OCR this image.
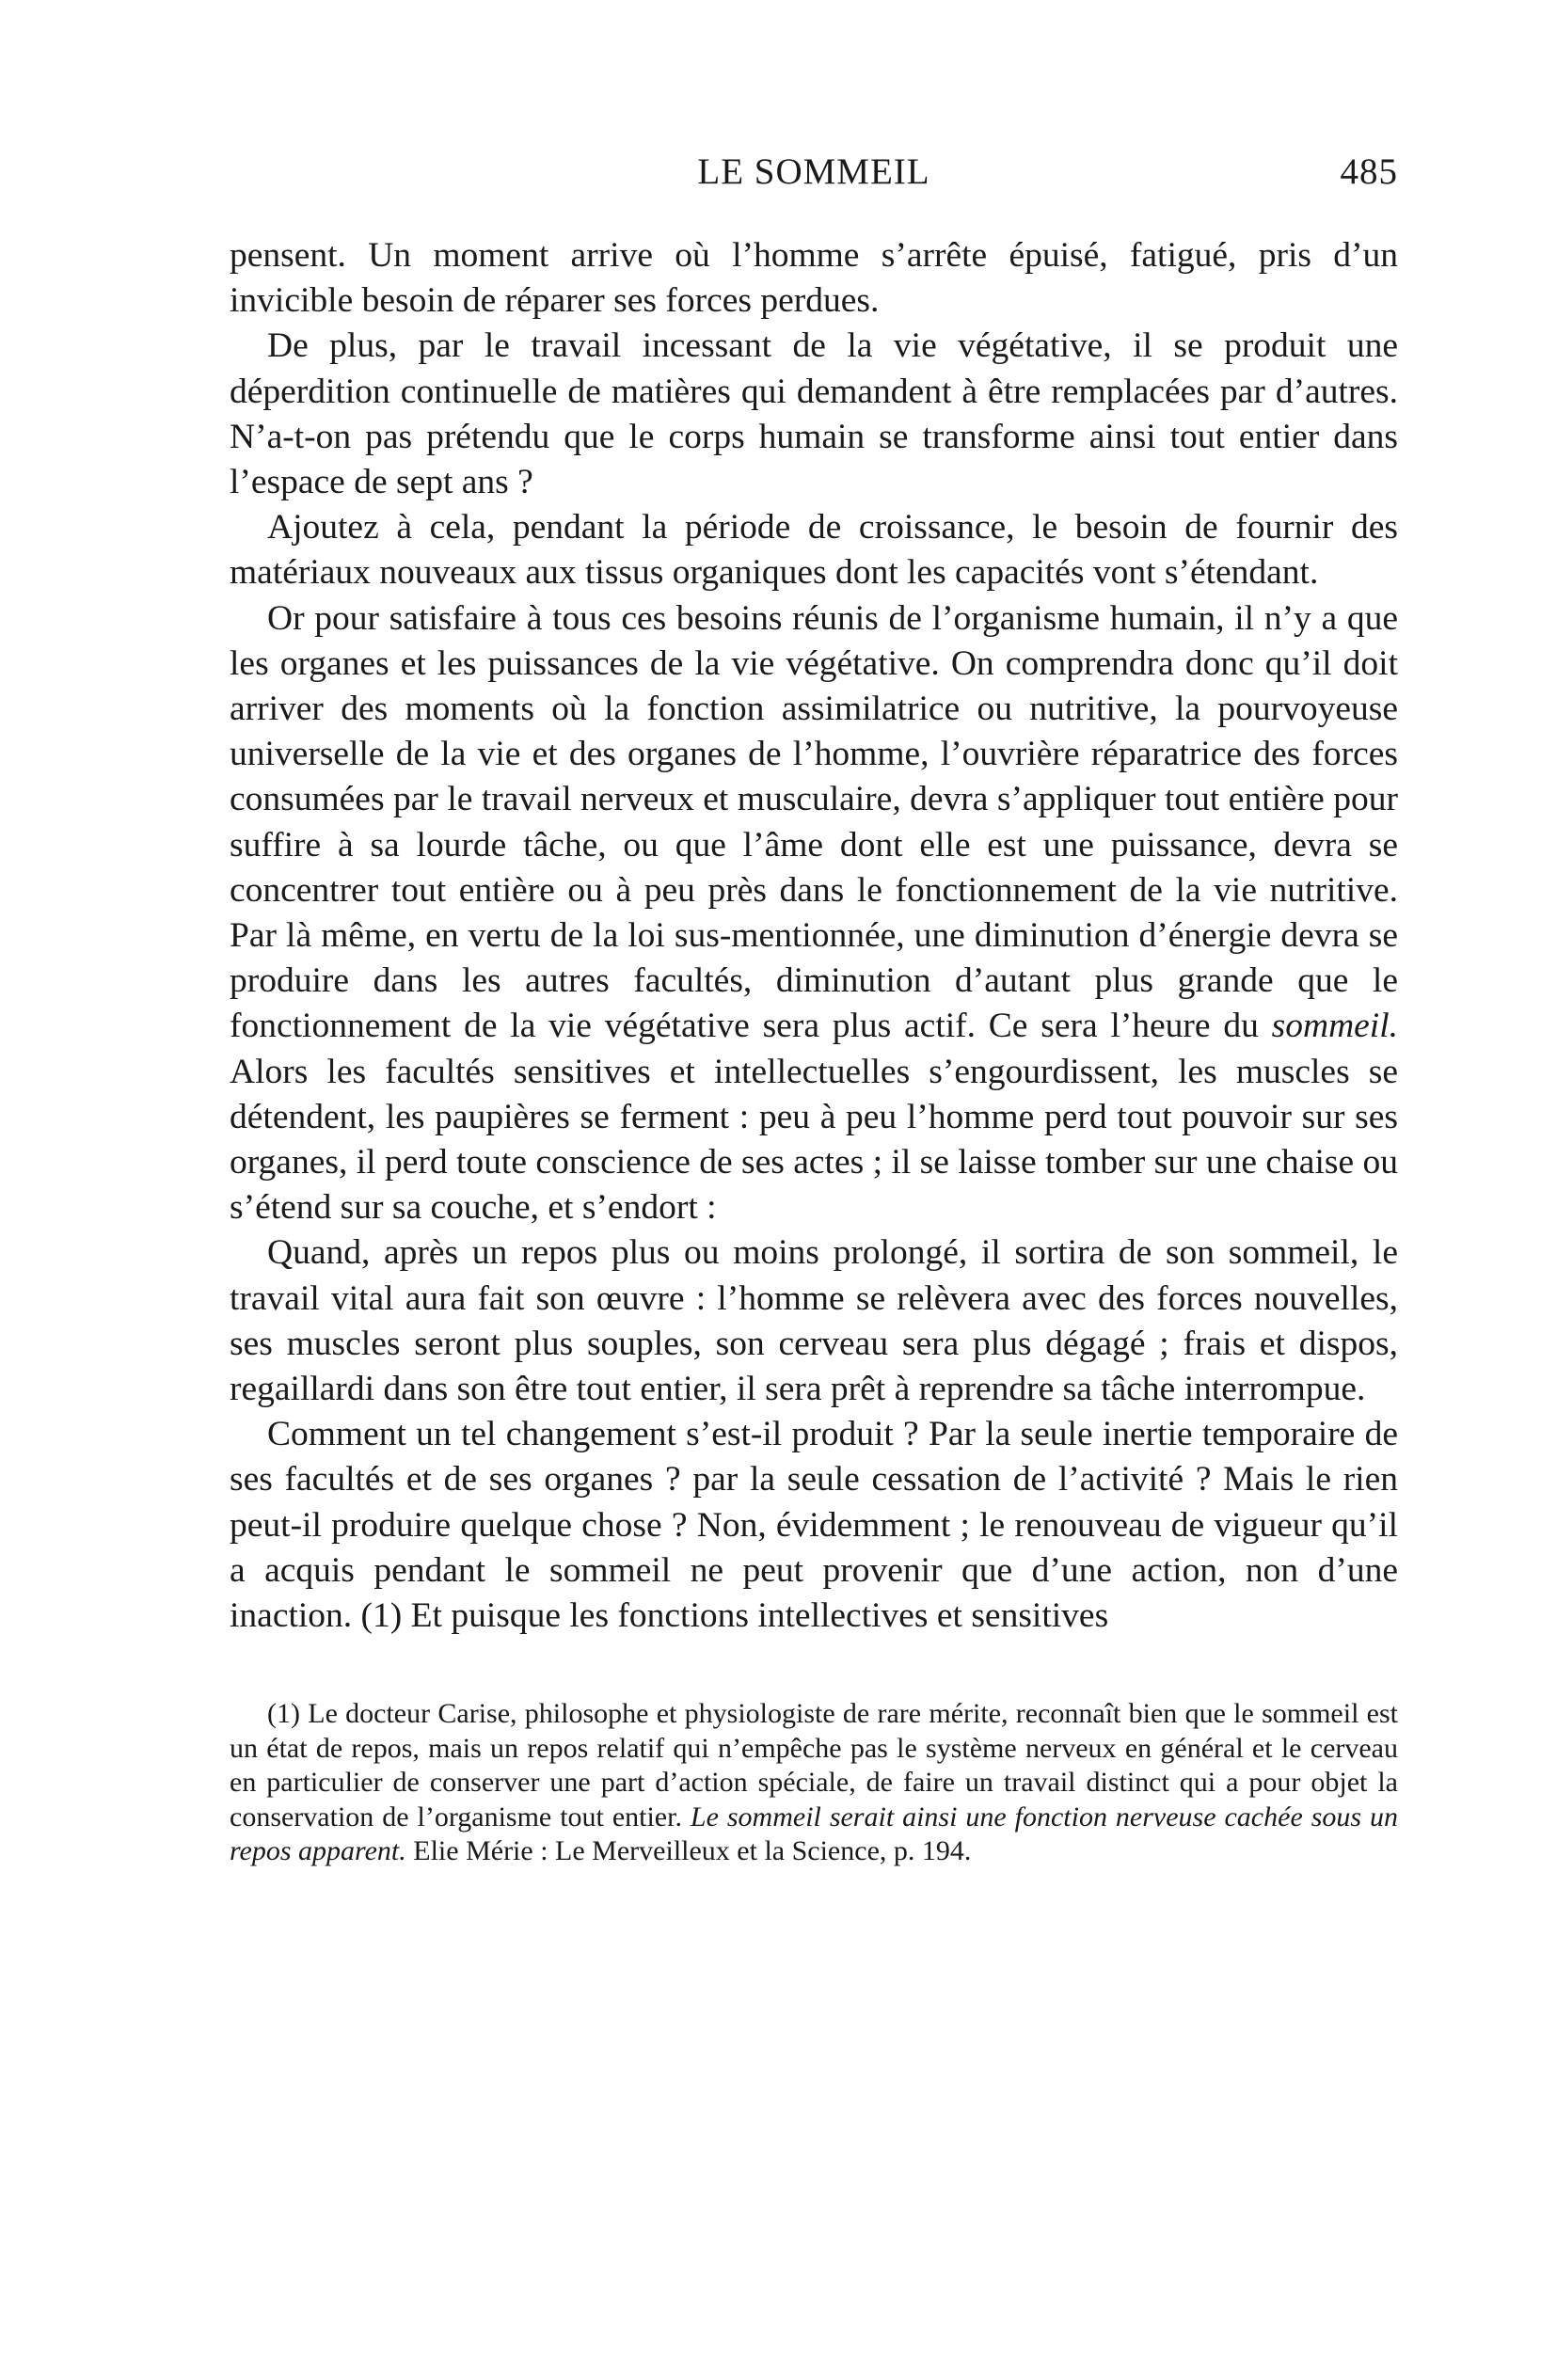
LE SOMMEIL	485

pensent. Un moment arrive où l’homme s’arrête épuisé, fatigué, pris d’un invicible besoin de réparer ses forces perdues.

De plus, par le travail incessant de la vie végétative, il se produit une déperdition continuelle de matières qui demandent à être remplacées par d’autres. N’a-t-on pas prétendu que le corps humain se transforme ainsi tout entier dans l’espace de sept ans ?

Ajoutez à cela, pendant la période de croissance, le besoin de fournir des matériaux nouveaux aux tissus organiques dont les capacités vont s’étendant.

Or pour satisfaire à tous ces besoins réunis de l’organisme humain, il n’y a que les organes et les puissances de la vie végétative. On comprendra donc qu’il doit arriver des moments où la fonction assimilatrice ou nutritive, la pourvoyeuse universelle de la vie et des organes de l’homme, l’ouvrière réparatrice des forces consumées par le travail nerveux et musculaire, devra s’appliquer tout entière pour suffire à sa lourde tâche, ou que l’âme dont elle est une puissance, devra se concentrer tout entière ou à peu près dans le fonctionnement de la vie nutritive. Par là même, en vertu de la loi sus-mentionnée, une diminution d’énergie devra se produire dans les autres facultés, diminution d’autant plus grande que le fonctionnement de la vie végétative sera plus actif. Ce sera l’heure du sommeil. Alors les facultés sensitives et intellectuelles s’engourdissent, les muscles se détendent, les paupières se ferment : peu à peu l’homme perd tout pouvoir sur ses organes, il perd toute conscience de ses actes ; il se laisse tomber sur une chaise ou s’étend sur sa couche, et s’endort :

Quand, après un repos plus ou moins prolongé, il sortira de son sommeil, le travail vital aura fait son œuvre : l’homme se relèvera avec des forces nouvelles, ses muscles seront plus souples, son cerveau sera plus dégagé ; frais et dispos, regaillardi dans son être tout entier, il sera prêt à reprendre sa tâche interrompue.

Comment un tel changement s’est-il produit ? Par la seule inertie temporaire de ses facultés et de ses organes ? par la seule cessation de l’activité ? Mais le rien peut-il produire quelque chose ? Non, évidemment ; le renouveau de vigueur qu’il a acquis pendant le sommeil ne peut provenir que d’une action, non d’une inaction. (1) Et puisque les fonctions intellectives et sensitives

(1) Le docteur Carise, philosophe et physiologiste de rare mérite, reconnaît bien que le sommeil est un état de repos, mais un repos relatif qui n’empêche pas le système nerveux en général et le cerveau en particulier de conserver une part d’action spéciale, de faire un travail distinct qui a pour objet la conservation de l’organisme tout entier. Le sommeil serait ainsi une fonction nerveuse cachée sous un repos apparent. Elie Mérie : Le Merveilleux et la Science, p. 194.
